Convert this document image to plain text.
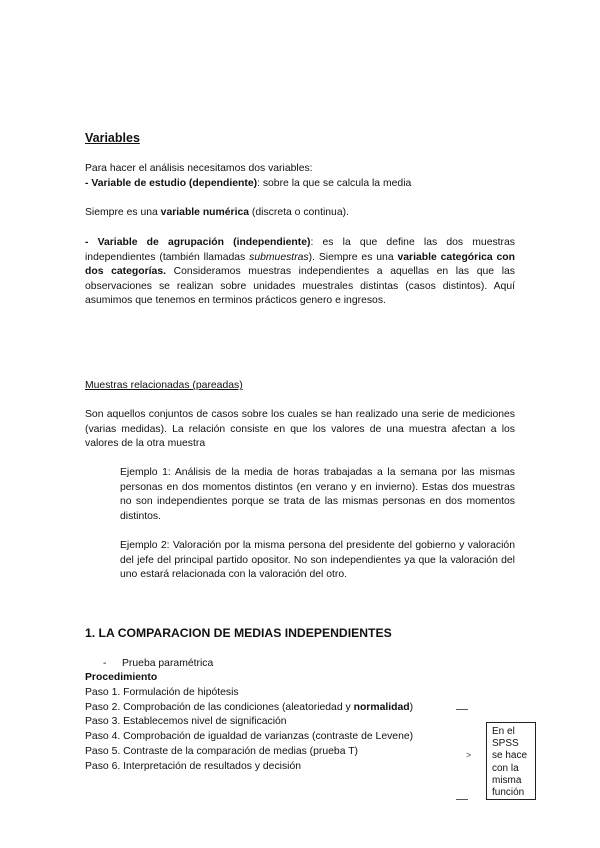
Variables
Para hacer el análisis necesitamos dos variables:
- Variable de estudio (dependiente): sobre la que se calcula la media
Siempre es una variable numérica (discreta o continua).
- Variable de agrupación (independiente): es la que define las dos muestras independientes (también llamadas submuestras). Siempre es una variable categórica con dos categorías. Consideramos muestras independientes a aquellas en las que las observaciones se realizan sobre unidades muestrales distintas (casos distintos). Aquí asumimos que tenemos en terminos prácticos genero e ingresos.
Muestras relacionadas (pareadas)
Son aquellos conjuntos de casos sobre los cuales se han realizado una serie de mediciones (varias medidas). La relación consiste en que los valores de una muestra afectan a los valores de la otra muestra
Ejemplo 1: Análisis de la media de horas trabajadas a la semana por las mismas personas en dos momentos distintos (en verano y en invierno). Estas dos muestras no son independientes porque se trata de las mismas personas en dos momentos distintos.
Ejemplo 2: Valoración por la misma persona del presidente del gobierno y valoración del jefe del principal partido opositor. No son independientes ya que la valoración del uno estará relacionada con la valoración del otro.
1. LA COMPARACION DE MEDIAS INDEPENDIENTES
- Prueba paramétrica
Procedimiento
Paso 1. Formulación de hipótesis
Paso 2. Comprobación de las condiciones (aleatoriedad y normalidad)
Paso 3. Establecemos nivel de significación
Paso 4. Comprobación de igualdad de varianzas (contraste de Levene)
Paso 5. Contraste de la comparación de medias (prueba T)
Paso 6. Interpretación de resultados y decisión
>
En el SPSS
se hace
con la
misma
función
